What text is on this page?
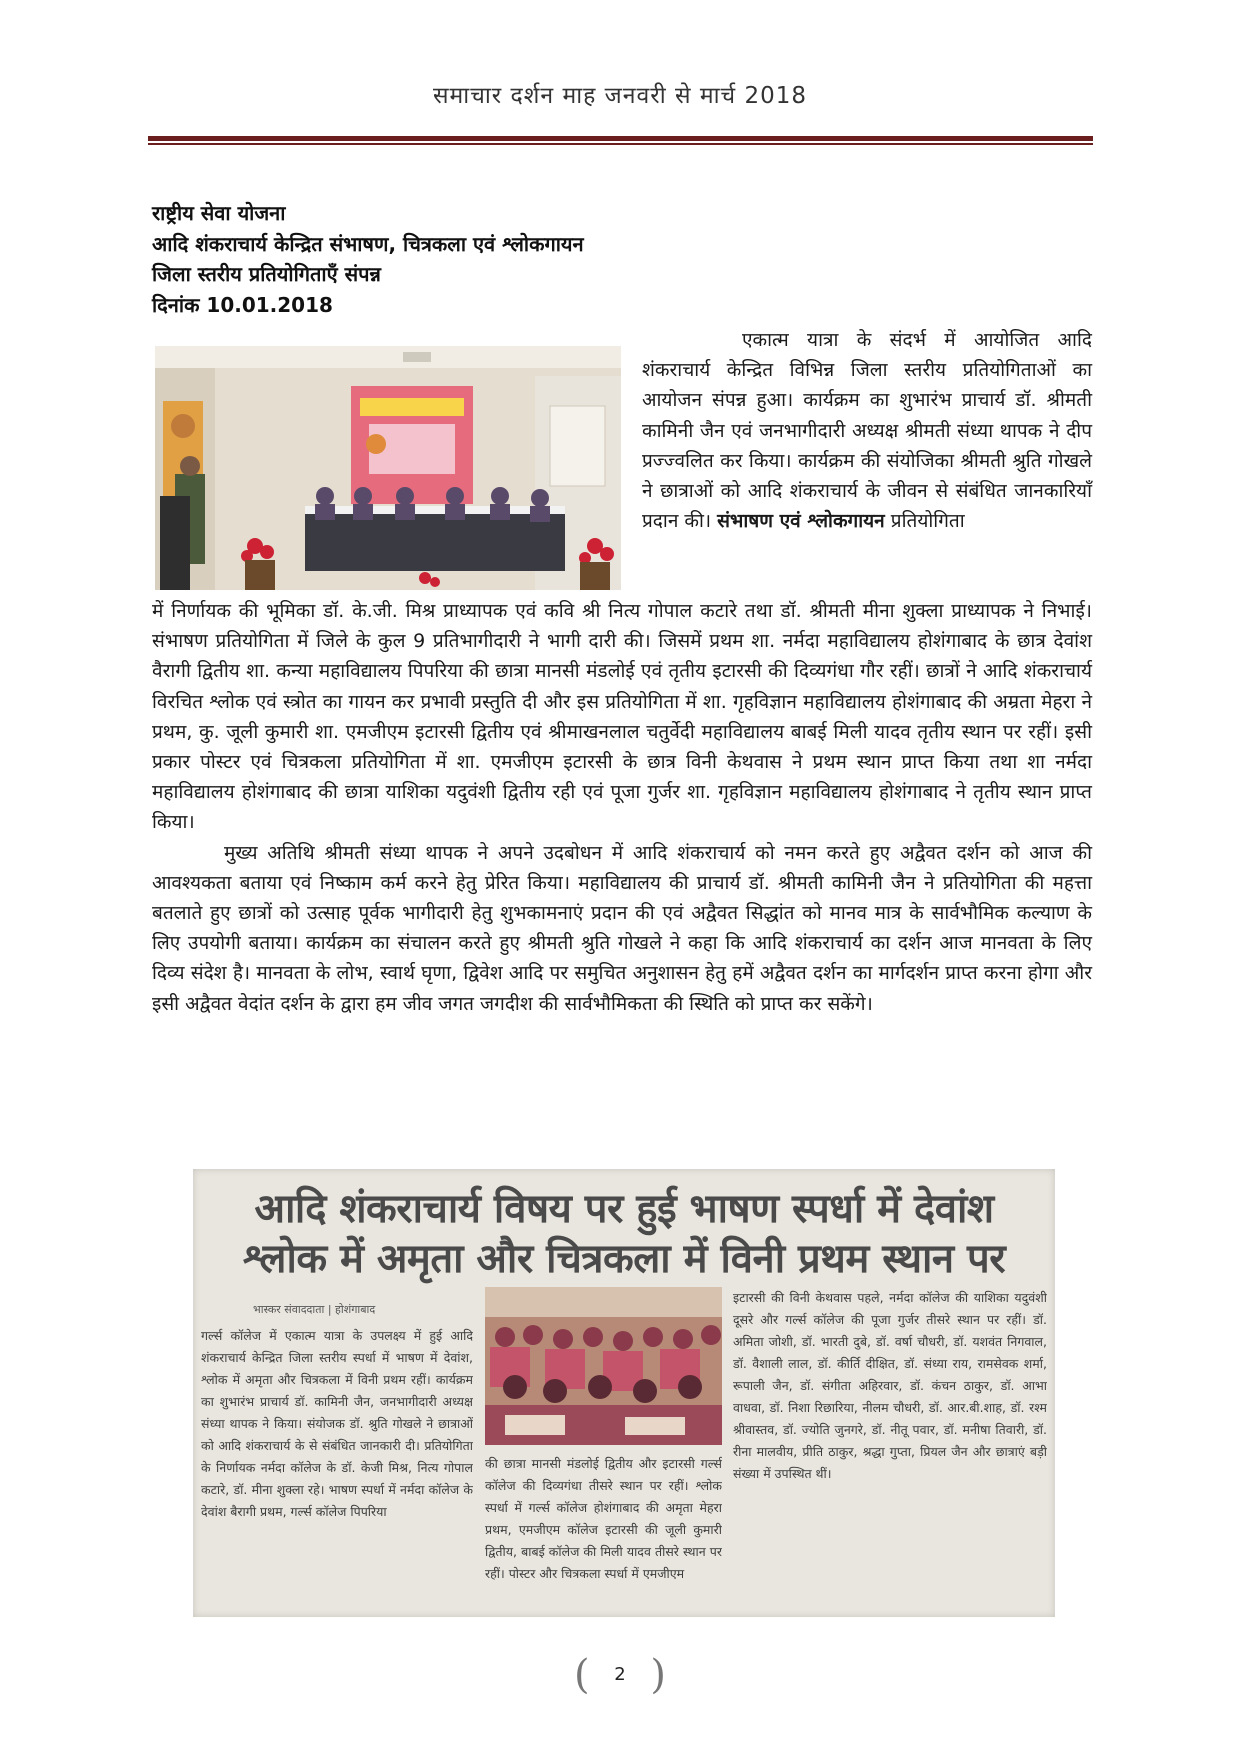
समाचार दर्शन माह जनवरी से मार्च 2018
राष्ट्रीय सेवा योजना
आदि शंकराचार्य केन्द्रित संभाषण, चित्रकला एवं श्लोकगायन
जिला स्तरीय प्रतियोगिताएँ संपन्न
दिनांक 10.01.2018
एकात्म यात्रा के संदर्भ में आयोजित आदि शंकराचार्य केन्द्रित विभिन्न जिला स्तरीय प्रतियोगिताओं का आयोजन संपन्न हुआ। कार्यक्रम का शुभारंभ प्राचार्य डॉ. श्रीमती कामिनी जैन एवं जनभागीदारी अध्यक्ष श्रीमती संध्या थापक ने दीप प्रज्ज्वलित कर किया। कार्यक्रम की संयोजिका श्रीमती श्रुति गोखले ने छात्राओं को आदि शंकराचार्य के जीवन से संबंधित जानकारियाँ प्रदान की। संभाषण एवं श्लोकगायन प्रतियोगिता

में निर्णायक की भूमिका डॉ. के.जी. मिश्र प्राध्यापक एवं कवि श्री नित्य गोपाल कटारे तथा डॉ. श्रीमती मीना शुक्ला प्राध्यापक ने निभाई। संभाषण प्रतियोगिता में जिले के कुल 9 प्रतिभागीदारी ने भागी दारी की। जिसमें प्रथम शा. नर्मदा महाविद्यालय होशंगाबाद के छात्र देवांश वैरागी द्वितीय शा. कन्या महाविद्यालय पिपरिया की छात्रा मानसी मंडलोई एवं तृतीय इटारसी की दिव्यगंधा गौर रहीं। छात्रों ने आदि शंकराचार्य विरचित श्लोक एवं स्त्रोत का गायन कर प्रभावी प्रस्तुति दी और इस प्रतियोगिता में शा. गृहविज्ञान महाविद्यालय होशंगाबाद की अम्रता मेहरा ने प्रथम, कु. जूली कुमारी शा. एमजीएम इटारसी द्वितीय एवं श्रीमाखनलाल चतुर्वेदी महाविद्यालय बाबई मिली यादव तृतीय स्थान पर रहीं। इसी प्रकार पोस्टर एवं चित्रकला प्रतियोगिता में शा. एमजीएम इटारसी के छात्र विनी केथवास ने प्रथम स्थान प्राप्त किया तथा शा नर्मदा महाविद्यालय होशंगाबाद की छात्रा याशिका यदुवंशी द्वितीय रही एवं पूजा गुर्जर शा. गृहविज्ञान महाविद्यालय होशंगाबाद ने तृतीय स्थान प्राप्त किया।

मुख्य अतिथि श्रीमती संध्या थापक ने अपने उदबोधन में आदि शंकराचार्य को नमन करते हुए अद्वैवत दर्शन को आज की आवश्यकता बताया एवं निष्काम कर्म करने हेतु प्रेरित किया। महाविद्यालय की प्राचार्य डॉ. श्रीमती कामिनी जैन ने प्रतियोगिता की महत्ता बतलाते हुए छात्रों को उत्साह पूर्वक भागीदारी हेतु शुभकामनाएं प्रदान की एवं अद्वैवत सिद्धांत को मानव मात्र के सार्वभौमिक कल्याण के लिए उपयोगी बताया। कार्यक्रम का संचालन करते हुए श्रीमती श्रुति गोखले ने कहा कि आदि शंकराचार्य का दर्शन आज मानवता के लिए दिव्य संदेश है। मानवता के लोभ, स्वार्थ घृणा, द्विवेश आदि पर समुचित अनुशासन हेतु हमें अद्वैवत दर्शन का मार्गदर्शन प्राप्त करना होगा और इसी अद्वैवत वेदांत दर्शन के द्वारा हम जीव जगत जगदीश की सार्वभौमिकता की स्थिति को प्राप्त कर सकेंगे।

आदि शंकराचार्य विषय पर हुई भाषण स्पर्धा में देवांश
श्लोक में अमृता और चित्रकला में विनी प्रथम स्थान पर
भास्कर संवाददाता | होशंगाबाद
गर्ल्स कॉलेज में एकात्म यात्रा के उपलक्ष्य में हुई आदि शंकराचार्य केन्द्रित जिला स्तरीय स्पर्धा में भाषण में देवांश, श्लोक में अमृता और चित्रकला में विनी प्रथम रहीं। कार्यक्रम का शुभारंभ प्राचार्य डॉ. कामिनी जैन, जनभागीदारी अध्यक्ष संध्या थापक ने किया। संयोजक डॉ. श्रुति गोखले ने छात्राओं को आदि शंकराचार्य के से संबंधित जानकारी दी। प्रतियोगिता के निर्णायक नर्मदा कॉलेज के डॉ. केजी मिश्र, नित्य गोपाल कटारे, डॉ. मीना शुक्ला रहे। भाषण स्पर्धा में नर्मदा कॉलेज के देवांश बैरागी प्रथम, गर्ल्स कॉलेज पिपरिया
की छात्रा मानसी मंडलोई द्वितीय और इटारसी गर्ल्स कॉलेज की दिव्यगंधा तीसरे स्थान पर रहीं। श्लोक स्पर्धा में गर्ल्स कॉलेज होशंगाबाद की अमृता मेहरा प्रथम, एमजीएम कॉलेज इटारसी की जूली कुमारी द्वितीय, बाबई कॉलेज की मिली यादव तीसरे स्थान पर रहीं। पोस्टर और चित्रकला स्पर्धा में एमजीएम
इटारसी की विनी केथवास पहले, नर्मदा कॉलेज की याशिका यदुवंशी दूसरे और गर्ल्स कॉलेज की पूजा गुर्जर तीसरे स्थान पर रहीं। डॉ. अमिता जोशी, डॉ. भारती दुबे, डॉ. वर्षा चौधरी, डॉ. यशवंत निगवाल, डॉ. वैशाली लाल, डॉ. कीर्ति दीक्षित, डॉ. संध्या राय, रामसेवक शर्मा, रूपाली जैन, डॉ. संगीता अहिरवार, डॉ. कंचन ठाकुर, डॉ. आभा वाधवा, डॉ. निशा रिछारिया, नीलम चौधरी, डॉ. आर.बी.शाह, डॉ. रश्म श्रीवास्तव, डॉ. ज्योति जुनगरे, डॉ. नीतू पवार, डॉ. मनीषा तिवारी, डॉ. रीना मालवीय, प्रीति ठाकुर, श्रद्धा गुप्ता, प्रियल जैन और छात्राएं बड़ी संख्या में उपस्थित थीं।
(	2 )
